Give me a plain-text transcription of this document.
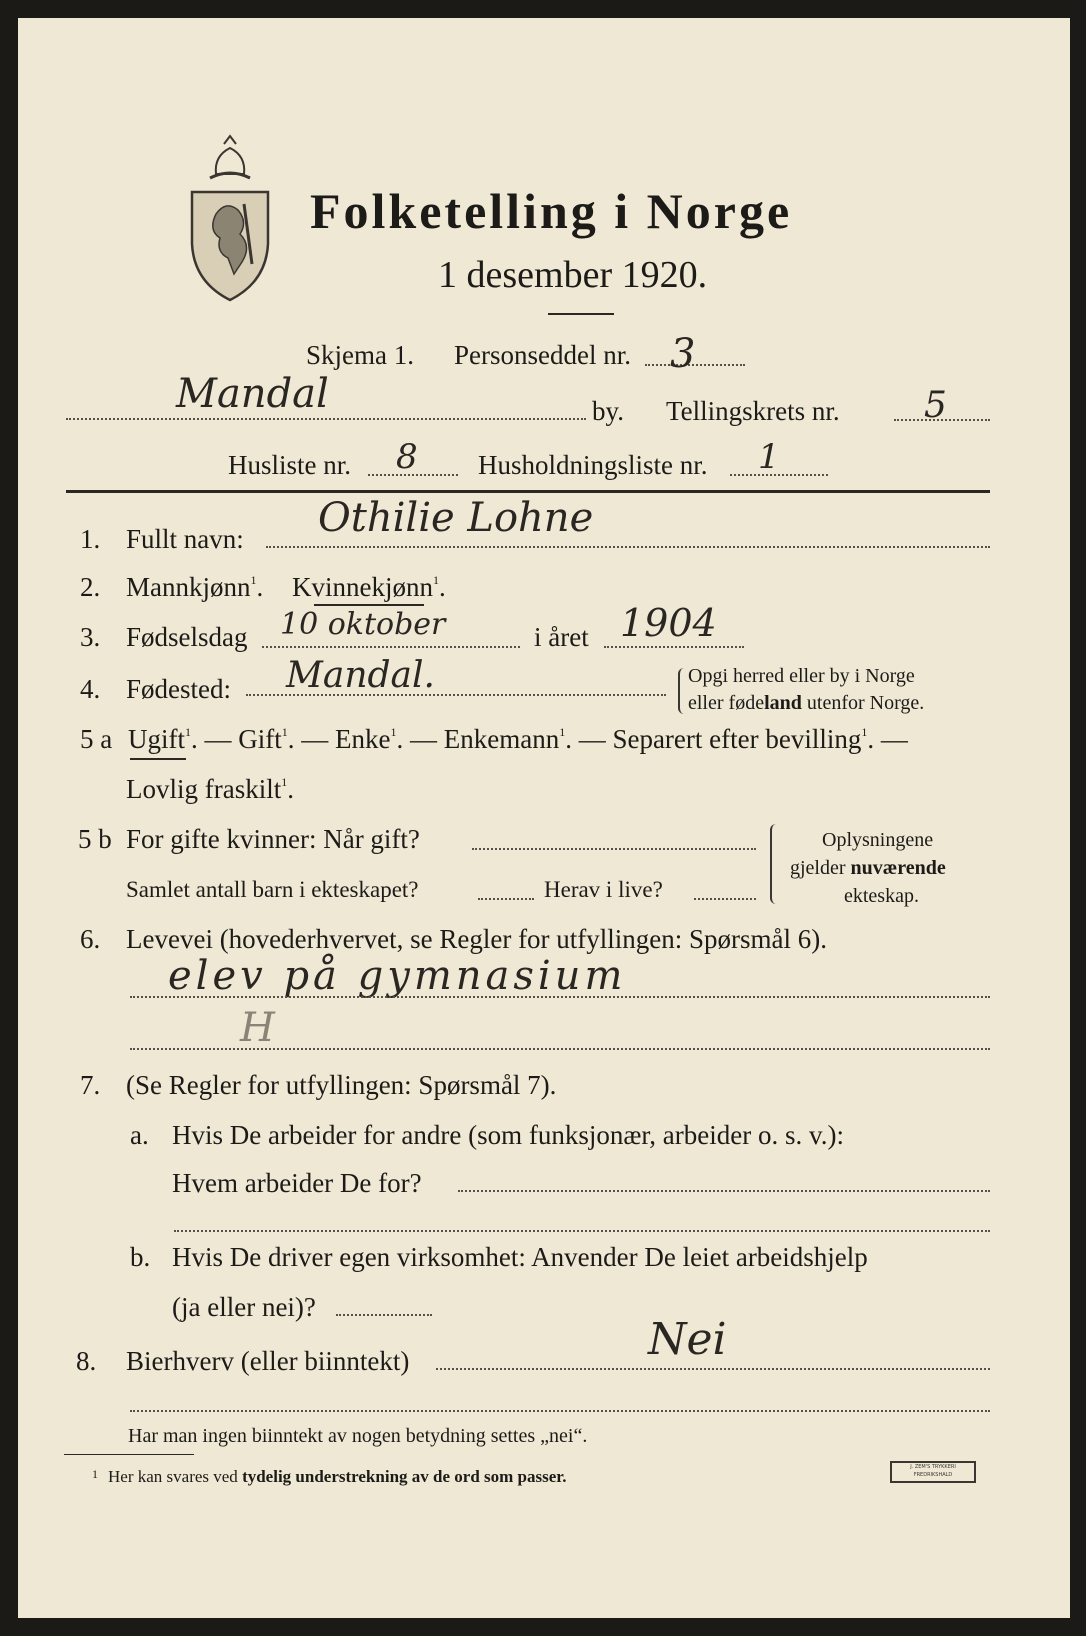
Folketelling i Norge
1 desember 1920.
Skjema 1. Personseddel nr. 3
Mandal	by. Tellingskrets nr. 5
Husliste nr. 8 Husholdningsliste nr. 1
1. Fullt navn: Othilie Lohne
2. Mannkjønn$^1$. Kvinnekjønn$^1$.
3. Fødselsdag 10 oktober	i året 1904
4. Fødested: Mandal.	Opgi herred eller by i Norge
eller fødeland utenfor Norge.
5 a Ugift$^1$. — Gift$^1$. — Enke$^1$. — Enkemann$^1$. — Separert efter bevilling$^1$. —
Lovlig fraskilt$^1$.
5 b For gifte kvinner: Når gift?
Samlet antall barn i ekteskapet?	Herav i live?
Oplysningene
gjelder nuværende
ekteskap.
6. Levevei (hovederhvervet, se Regler for utfyllingen: Spørsmål 6).
elev på gymnasium
H
7. (Se Regler for utfyllingen: Spørsmål 7).
a. Hvis De arbeider for andre (som funksjonær, arbeider o. s. v.):
Hvem arbeider De for?
b. Hvis De driver egen virksomhet: Anvender De leiet arbeidshjelp
(ja eller nei)?
8. Bierhverv (eller biinntekt)	Nei
Har man ingen biinntekt av nogen betydning settes „nei“.
$^1$ Her kan svares ved tydelig understrekning av de ord som passer.	J. ZEM'S TRYKKERI FREDRIKSHALD
